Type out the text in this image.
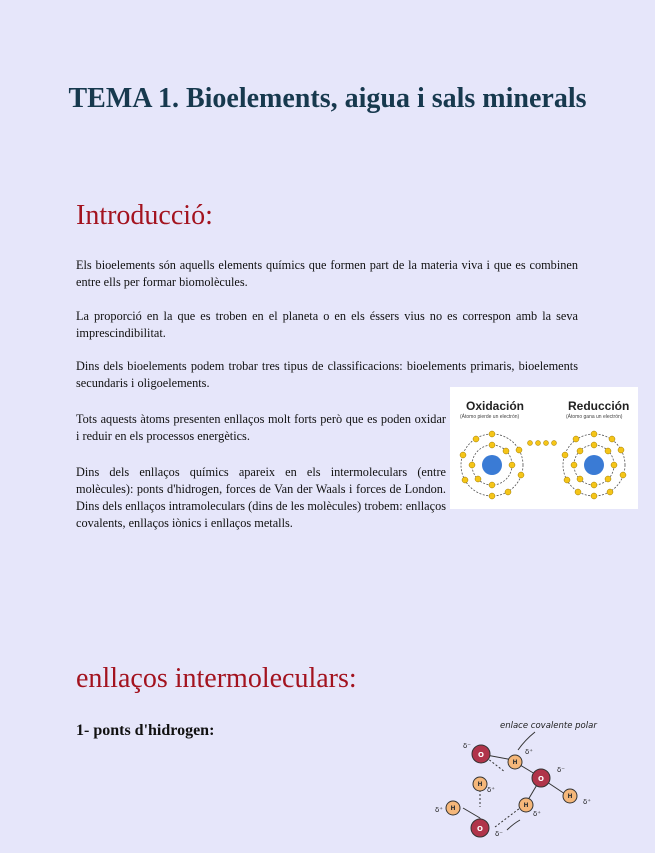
TEMA 1. Bioelements, aigua i sals minerals
Introducció:

Els bioelements són aquells elements químics que formen part de la materia viva i que es combinen entre ells per formar biomolècules.

La proporció en la que es troben en el planeta o en els éssers vius no es correspon amb la seva imprescindibilitat.

Dins dels bioelements podem trobar tres tipus de classificacions: bioelements primaris, bioelements secundaris i oligoelements.

Tots aquests àtoms presenten enllaços molt forts però que es poden oxidar i reduir en els processos energètics.

Dins dels enllaços químics apareix en els intermoleculars (entre molècules): ponts d'hidrogen, forces de Van der Waals i forces de London. Dins dels enllaços intramoleculars (dins de les molècules) trobem: enllaços covalents, enllaços iònics i enllaços metalls.

Oxidación
(Átomo pierde un electrón)
Reducción
(Átomo gana un electrón)
enllaços intermoleculars:

1- ponts d'hidrogen:	enlace covalente polar
O
O
O
H
H
H
H
H
δ⁻
δ⁻
δ⁻
δ⁺
δ⁺
δ⁺
δ⁺
δ⁺
